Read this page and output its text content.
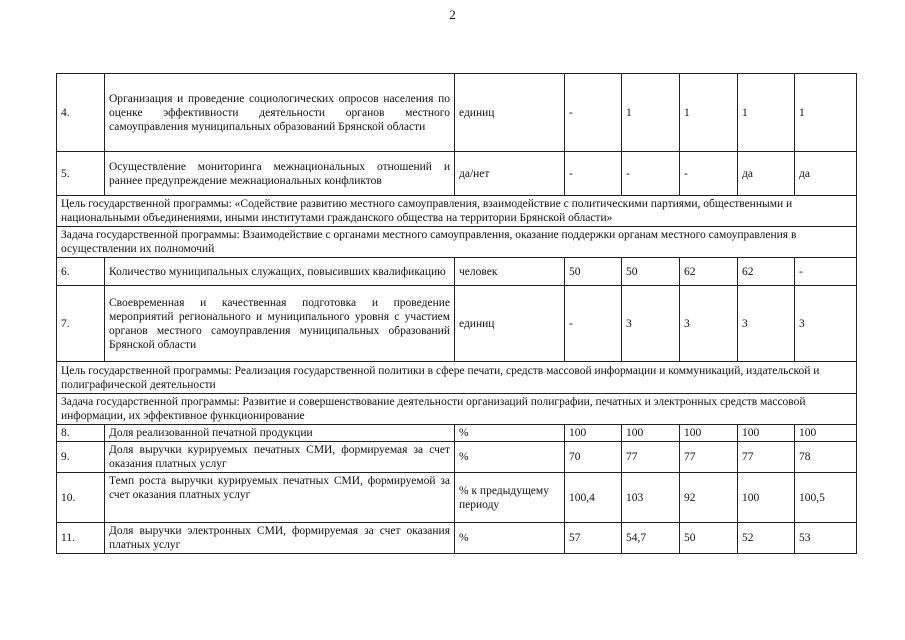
2
4.	Организация и проведение социологических опросов населения по оценке эффективности деятельности органов местного самоуправления муниципальных образований Брянской области	единиц	-	1	1	1	1
5.	Осуществление мониторинга межнациональных отношений и раннее предупреждение межнациональных конфликтов	да/нет	-	-	-	да	да
Цель государственной программы: «Содействие развитию местного самоуправления, взаимодействие с политическими партиями, общественными и национальными объединениями, иными институтами гражданского общества на территории Брянской области»							
Задача государственной программы: Взаимодействие с органами местного самоуправления, оказание поддержки органам местного самоуправления в осуществлении их полномочий							
6.	Количество муниципальных служащих, повысивших квалификацию	человек	50	50	62	62	-
7.	Своевременная и качественная подготовка и проведение мероприятий регионального и муниципального уровня с участием органов местного самоуправления муниципальных образований Брянской области	единиц	-	3	3	3	3
Цель государственной программы: Реализация государственной политики в сфере печати, средств массовой информации и коммуникаций, издательской и полиграфической деятельности							
Задача государственной программы: Развитие и совершенствование деятельности организаций полиграфии, печатных и электронных средств массовой информации, их эффективное функционирование							
8.	Доля реализованной печатной продукции	%	100	100	100	100	100
9.	Доля выручки курируемых печатных СМИ, формируемая за счет оказания платных услуг	%	70	77	77	77	78
10.	Темп роста выручки курируемых печатных СМИ, формируемой за счет оказания платных услуг	% к предыдущему периоду	100,4	103	92	100	100,5
11.	Доля выручки электронных СМИ, формируемая за счет оказания платных услуг	%	57	54,7	50	52	53
